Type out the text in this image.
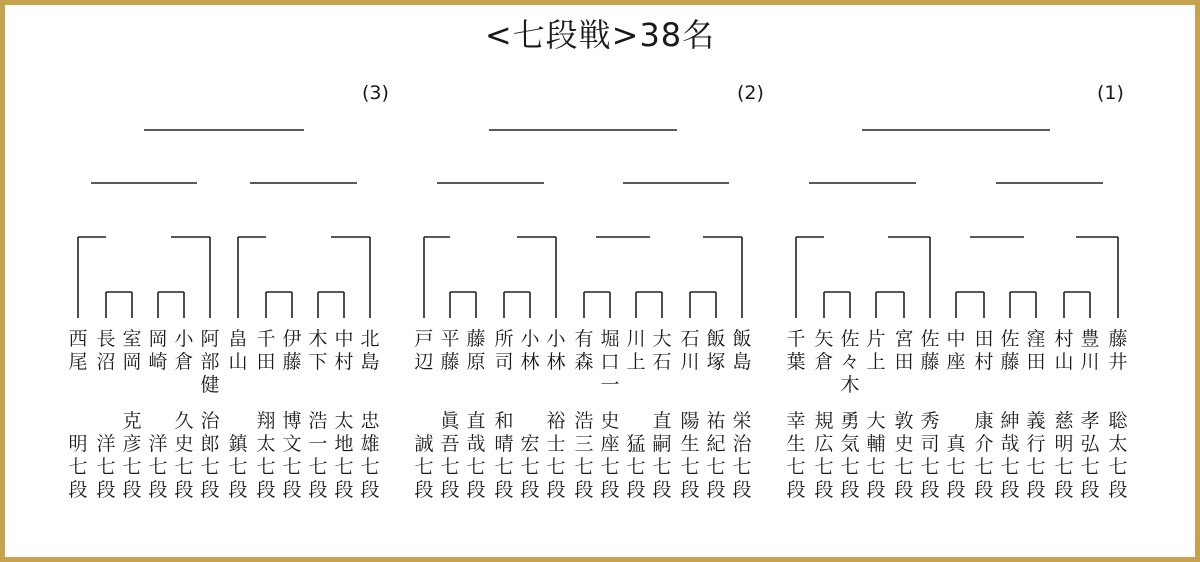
<七段戦>38名
(3)	(2)	(1)
西
尾
明
七
段
長
沼
洋
七
段
室
岡
克
彦
七
段
岡
崎
洋
七
段
小
倉
久
史
七
段
阿
部
健
治
郎
七
段
畠
山
鎮
七
段
千
田
翔
太
七
段
伊
藤
博
文
七
段
木
下
浩
一
七
段
中
村
太
地
七
段
北
島
忠
雄
七
段
戸
辺
誠
七
段
平
藤
眞
吾
七
段
藤
原
直
哉
七
段
所
司
和
晴
七
段
小
林
宏
七
段
小
林
裕
士
七
段
有
森
浩
三
七
段
堀
口
一
史
座
七
段
川
上
猛
七
段
大
石
直
嗣
七
段
石
川
陽
生
七
段
飯
塚
祐
紀
七
段
飯
島
栄
治
七
段
千
葉
幸
生
七
段
矢
倉
規
広
七
段
佐
々
木
勇
気
七
段
片
上
大
輔
七
段
宮
田
敦
史
七
段
佐
藤
秀
司
七
段
中
座
真
七
段
田
村
康
介
七
段
佐
藤
紳
哉
七
段
窪
田
義
行
七
段
村
山
慈
明
七
段
豊
川
孝
弘
七
段
藤
井
聡
太
七
段
